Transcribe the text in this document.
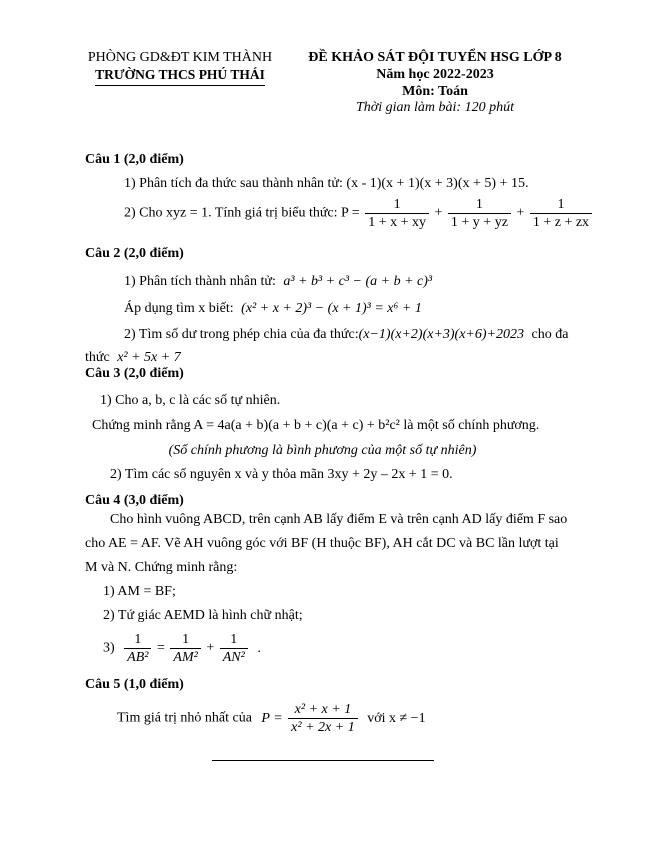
PHÒNG GD&ĐT KIM THÀNH
TRƯỜNG THCS PHÚ THÁI
ĐỀ KHẢO SÁT ĐỘI TUYỂN HSG LỚP 8
Năm học 2022-2023
Môn: Toán
Thời gian làm bài: 120 phút
Câu 1 (2,0 điểm)
1) Phân tích đa thức sau thành nhân tử: (x - 1)(x + 1)(x + 3)(x + 5) + 15.
2) Cho xyz = 1. Tính giá trị biểu thức: $P = \frac{1}{1 + x + xy} + \frac{1}{1 + y + yz} + \frac{1}{1 + z + zx}$
Câu 2 (2,0 điểm)
1) Phân tích thành nhân tử: a³ + b³ + c³ − (a + b + c)³
Áp dụng tìm x biết: (x² + x + 2)³ − (x + 1)³ = x⁶ + 1
2) Tìm số dư trong phép chia của đa thức:(x−1)(x+2)(x+3)(x+6)+2023 cho đa
thức x² + 5x + 7
Câu 3 (2,0 điểm)
1) Cho a, b, c là các số tự nhiên.
Chứng minh rằng A = 4a(a + b)(a + b + c)(a + c) + b²c² là một số chính phương.
(Số chính phương là bình phương của một số tự nhiên)
2) Tìm các số nguyên x và y thỏa mãn 3xy + 2y – 2x + 1 = 0.
Câu 4 (3,0 điểm)
Cho hình vuông ABCD, trên cạnh AB lấy điểm E và trên cạnh AD lấy điểm F sao
cho AE = AF. Vẽ AH vuông góc với BF (H thuộc BF), AH cắt DC và BC lần lượt tại
M và N. Chứng minh rằng:
1) AM = BF;
2) Tứ giác AEMD là hình chữ nhật;
$3) \frac{1}{\text{AB²}} = \frac{1}{\text{AM²}} + \frac{1}{\text{AN²}}$ .
Câu 5 (1,0 điểm)
Tìm giá trị nhỏ nhất của $P = \frac{\text{x² + x + 1}}{\text{x² + 2x + 1}}$ với x ≠ −1
